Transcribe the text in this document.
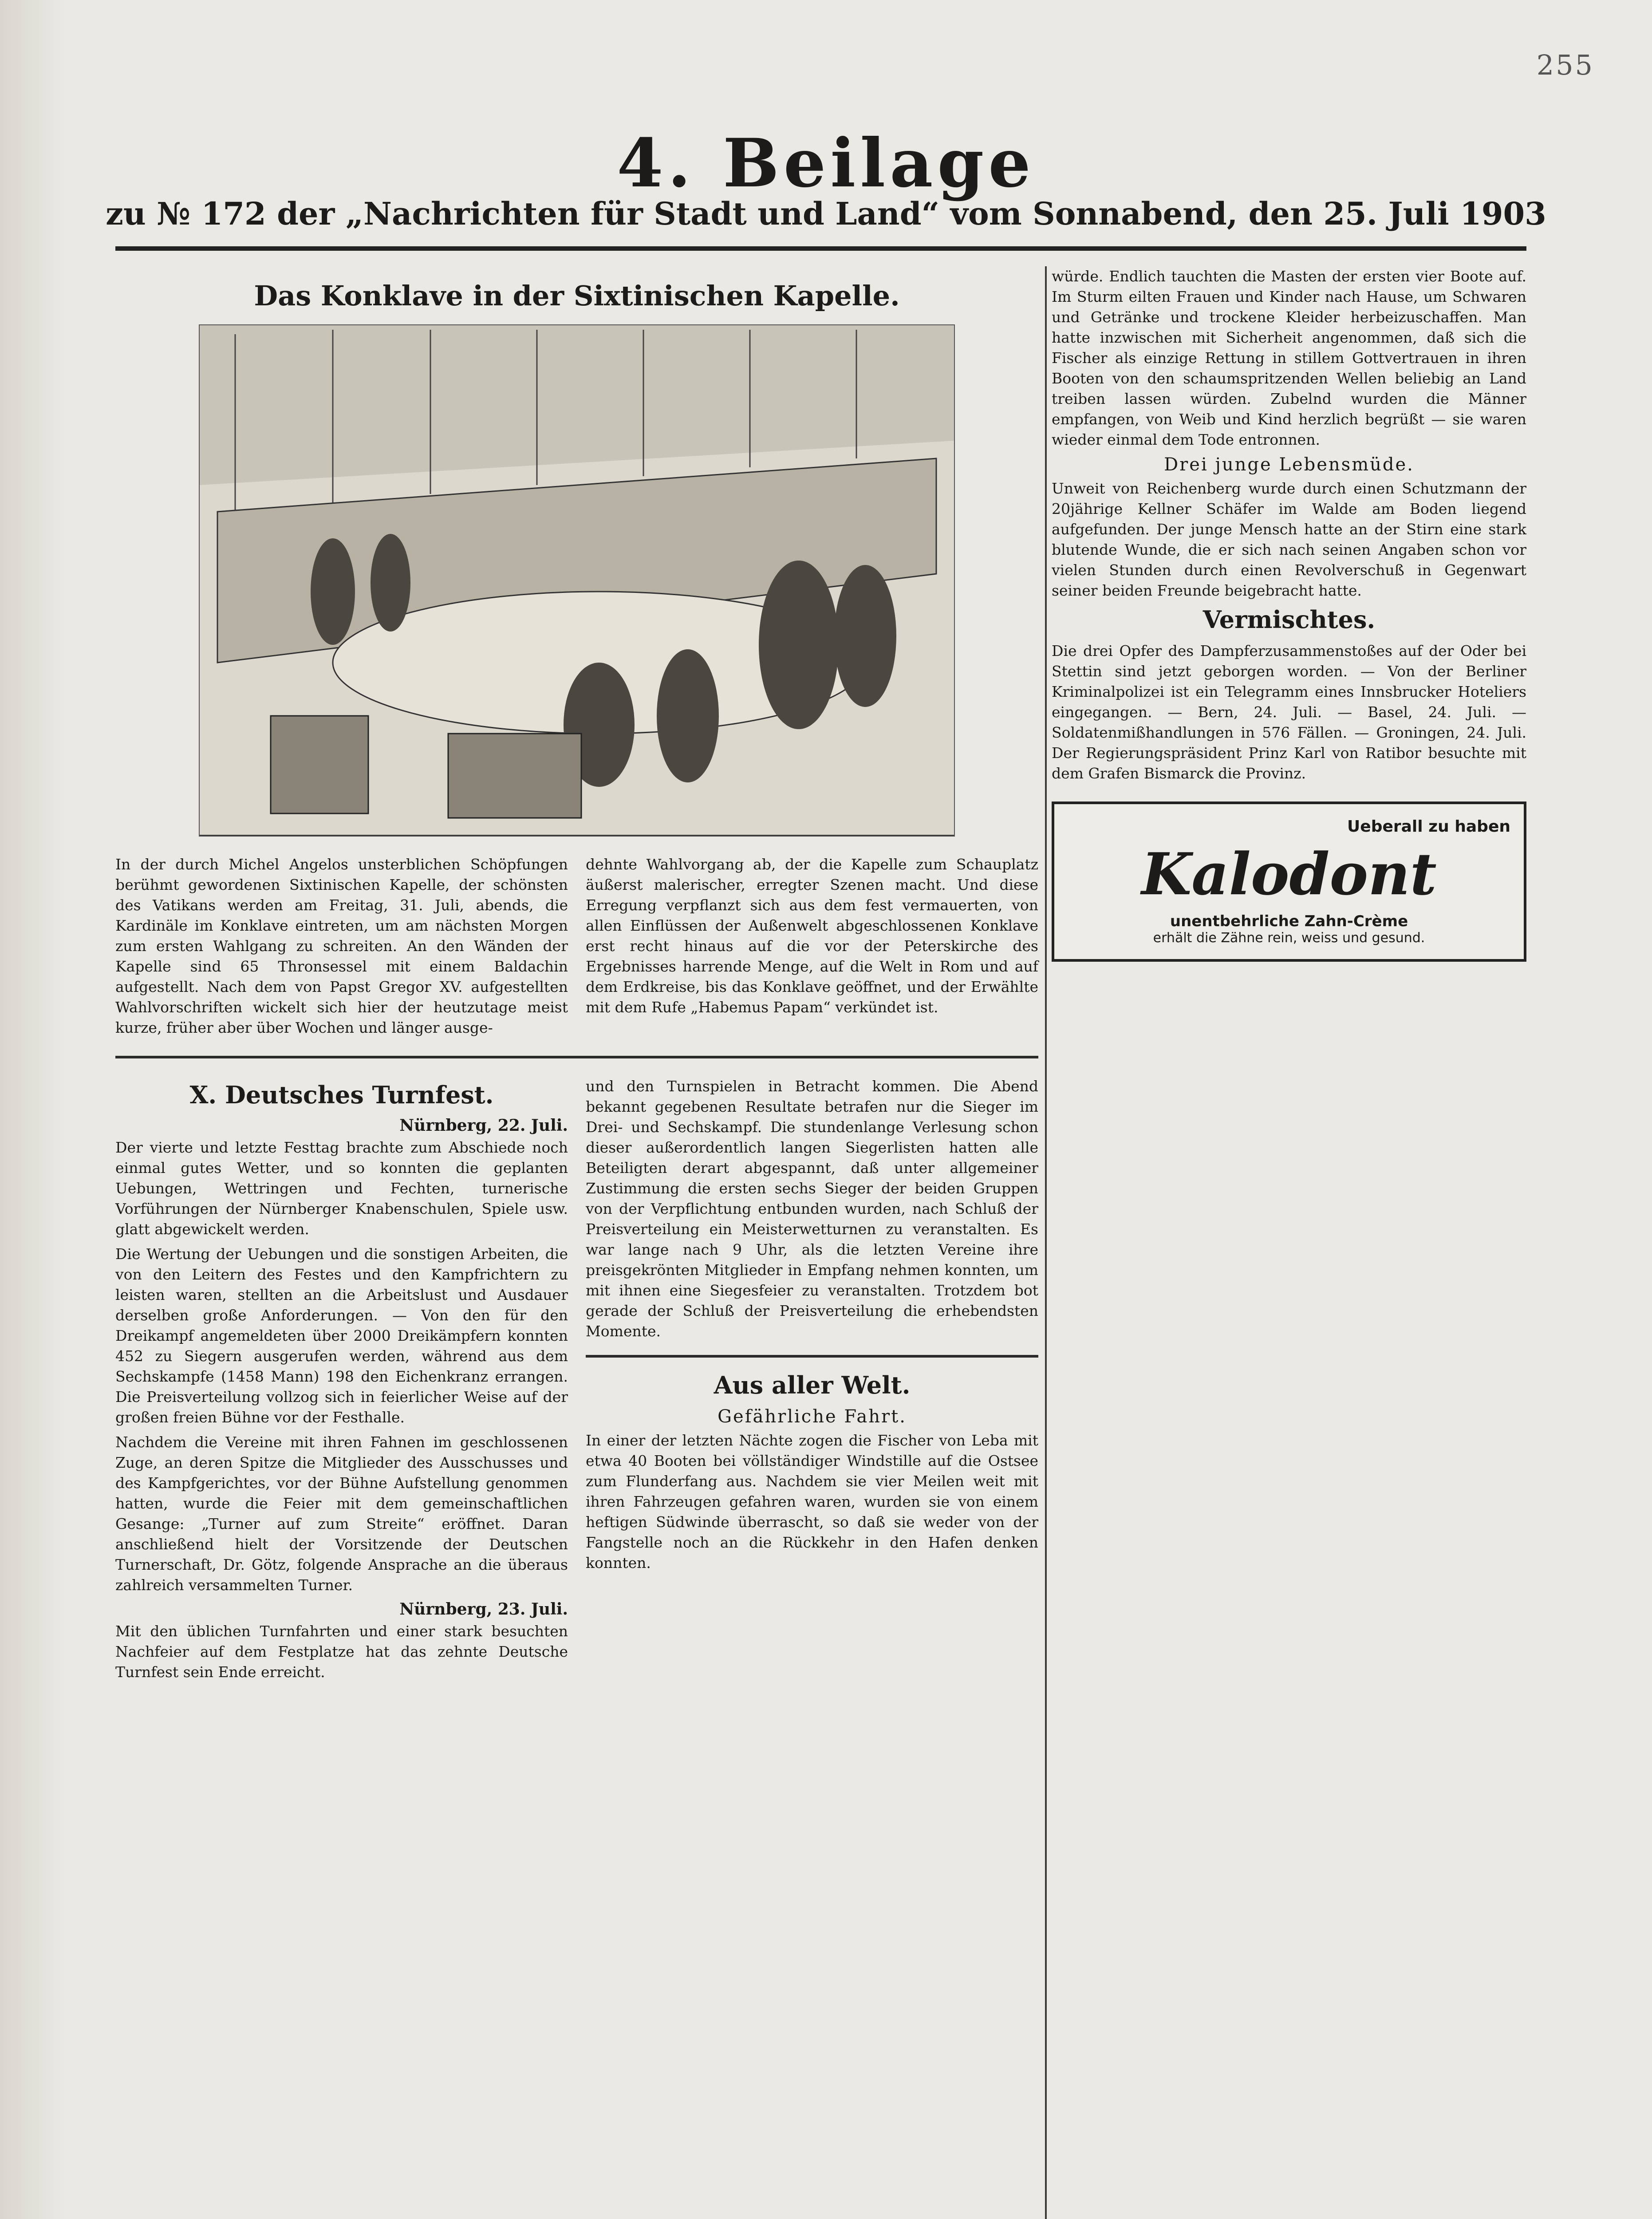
255
4. Beilage
zu № 172 der „Nachrichten für Stadt und Land“ vom Sonnabend, den 25. Juli 1903
Das Konklave in der Sixtinischen Kapelle.

In der durch Michel Angelos unsterblichen Schöpfungen berühmt gewordenen Sixtinischen Kapelle, der schönsten des Vatikans werden am Freitag, 31. Juli, abends, die Kardinäle im Konklave eintreten, um am nächsten Morgen zum ersten Wahlgang zu schreiten. An den Wänden der Kapelle sind 65 Thronsessel mit einem Baldachin aufgestellt. Nach dem von Papst Gregor XV. aufgestellten Wahlvorschriften wickelt sich hier der heutzutage meist kurze, früher aber über Wochen und länger ausge-

dehnte Wahlvorgang ab, der die Kapelle zum Schauplatz äußerst malerischer, erregter Szenen macht. Und diese Erregung verpflanzt sich aus dem fest vermauerten, von allen Einflüssen der Außenwelt abgeschlossenen Konklave erst recht hinaus auf die vor der Peterskirche des Ergebnisses harrende Menge, auf die Welt in Rom und auf dem Erdkreise, bis das Konklave geöffnet, und der Erwählte mit dem Rufe „Habemus Papam“ verkündet ist.

X. Deutsches Turnfest.
Nürnberg, 22. Juli.

Der vierte und letzte Festtag brachte zum Abschiede noch einmal gutes Wetter, und so konnten die geplanten Uebungen, Wettringen und Fechten, turnerische Vorführungen der Nürnberger Knabenschulen, Spiele usw. glatt abgewickelt werden.

Die Wertung der Uebungen und die sonstigen Arbeiten, die von den Leitern des Festes und den Kampfrichtern zu leisten waren, stellten an die Arbeitslust und Ausdauer derselben große Anforderungen. — Von den für den Dreikampf angemeldeten über 2000 Dreikämpfern konnten 452 zu Siegern ausgerufen werden, während aus dem Sechskampfe (1458 Mann) 198 den Eichenkranz errangen. Die Preisverteilung vollzog sich in feierlicher Weise auf der großen freien Bühne vor der Festhalle.

Nachdem die Vereine mit ihren Fahnen im geschlossenen Zuge, an deren Spitze die Mitglieder des Ausschusses und des Kampfgerichtes, vor der Bühne Aufstellung genommen hatten, wurde die Feier mit dem gemeinschaftlichen Gesange: „Turner auf zum Streite“ eröffnet. Daran anschließend hielt der Vorsitzende der Deutschen Turnerschaft, Dr. Götz, folgende Ansprache an die überaus zahlreich versammelten Turner.

Nürnberg, 23. Juli.

Mit den üblichen Turnfahrten und einer stark besuchten Nachfeier auf dem Festplatze hat das zehnte Deutsche Turnfest sein Ende erreicht.

und den Turnspielen in Betracht kommen. Die Abend bekannt gegebenen Resultate betrafen nur die Sieger im Drei- und Sechskampf. Die stundenlange Verlesung schon dieser außerordentlich langen Siegerlisten hatten alle Beteiligten derart abgespannt, daß unter allgemeiner Zustimmung die ersten sechs Sieger der beiden Gruppen von der Verpflichtung entbunden wurden, nach Schluß der Preisverteilung ein Meisterwetturnen zu veranstalten. Es war lange nach 9 Uhr, als die letzten Vereine ihre preisgekrönten Mitglieder in Empfang nehmen konnten, um mit ihnen eine Siegesfeier zu veranstalten. Trotzdem bot gerade der Schluß der Preisverteilung die erhebendsten Momente.

Aus aller Welt.
Gefährliche Fahrt.

In einer der letzten Nächte zogen die Fischer von Leba mit etwa 40 Booten bei völlständiger Windstille auf die Ostsee zum Flunderfang aus. Nachdem sie vier Meilen weit mit ihren Fahrzeugen gefahren waren, wurden sie von einem heftigen Südwinde überrascht, so daß sie weder von der Fangstelle noch an die Rückkehr in den Hafen denken konnten.

würde. Endlich tauchten die Masten der ersten vier Boote auf. Im Sturm eilten Frauen und Kinder nach Hause, um Schwaren und Getränke und trockene Kleider herbeizuschaffen. Man hatte inzwischen mit Sicherheit angenommen, daß sich die Fischer als einzige Rettung in stillem Gottvertrauen in ihren Booten von den schaumspritzenden Wellen beliebig an Land treiben lassen würden. Zubelnd wurden die Männer empfangen, von Weib und Kind herzlich begrüßt — sie waren wieder einmal dem Tode entronnen.

Drei junge Lebensmüde.

Unweit von Reichenberg wurde durch einen Schutzmann der 20jährige Kellner Schäfer im Walde am Boden liegend aufgefunden. Der junge Mensch hatte an der Stirn eine stark blutende Wunde, die er sich nach seinen Angaben schon vor vielen Stunden durch einen Revolverschuß in Gegenwart seiner beiden Freunde beigebracht hatte.

Vermischtes.

Die drei Opfer des Dampferzusammenstoßes auf der Oder bei Stettin sind jetzt geborgen worden. — Von der Berliner Kriminalpolizei ist ein Telegramm eines Innsbrucker Hoteliers eingegangen. — Bern, 24. Juli. — Basel, 24. Juli. — Soldatenmißhandlungen in 576 Fällen. — Groningen, 24. Juli. Der Regierungspräsident Prinz Karl von Ratibor besuchte mit dem Grafen Bismarck die Provinz.

Ueberall zu haben
Kalodont
unentbehrliche Zahn-Crème
erhält die Zähne rein, weiss und gesund.
